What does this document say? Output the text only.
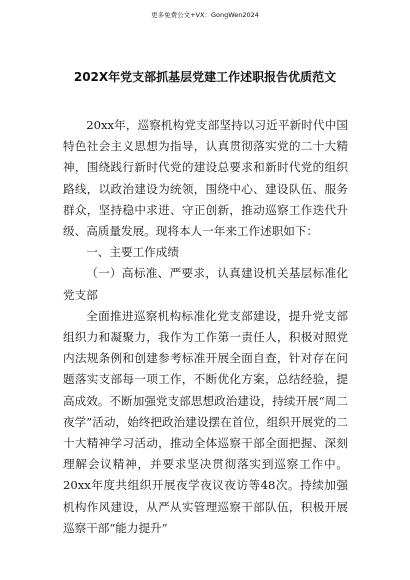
更多免费公文+VX：GongWen2024
202X年党支部抓基层党建工作述职报告优质范文

20xx年，巡察机构党支部坚持以习近平新时代中国特色社会主义思想为指导，认真贯彻落实党的二十大精神，围绕践行新时代党的建设总要求和新时代党的组织路线，以政治建设为统领，围绕中心、建设队伍、服务群众，坚持稳中求进、守正创新，推动巡察工作迭代升级、高质量发展。现将本人一年来工作述职如下：

一、主要工作成绩

（一）高标准、严要求，认真建设机关基层标准化党支部

全面推进巡察机构标准化党支部建设，提升党支部组织力和凝聚力，我作为工作第一责任人，积极对照党内法规条例和创建参考标准开展全面自查，针对存在问题落实支部每一项工作，不断优化方案，总结经验，提高成效。不断加强党支部思想政治建设，持续开展“周二夜学”活动，始终把政治建设摆在首位，组织开展党的二十大精神学习活动，推动全体巡察干部全面把握、深刻理解会议精神，并要求坚决贯彻落实到巡察工作中。20xx年度共组织开展夜学夜议夜访等48次。持续加强机构作风建设，从严从实管理巡察干部队伍，积极开展巡察干部“能力提升”
